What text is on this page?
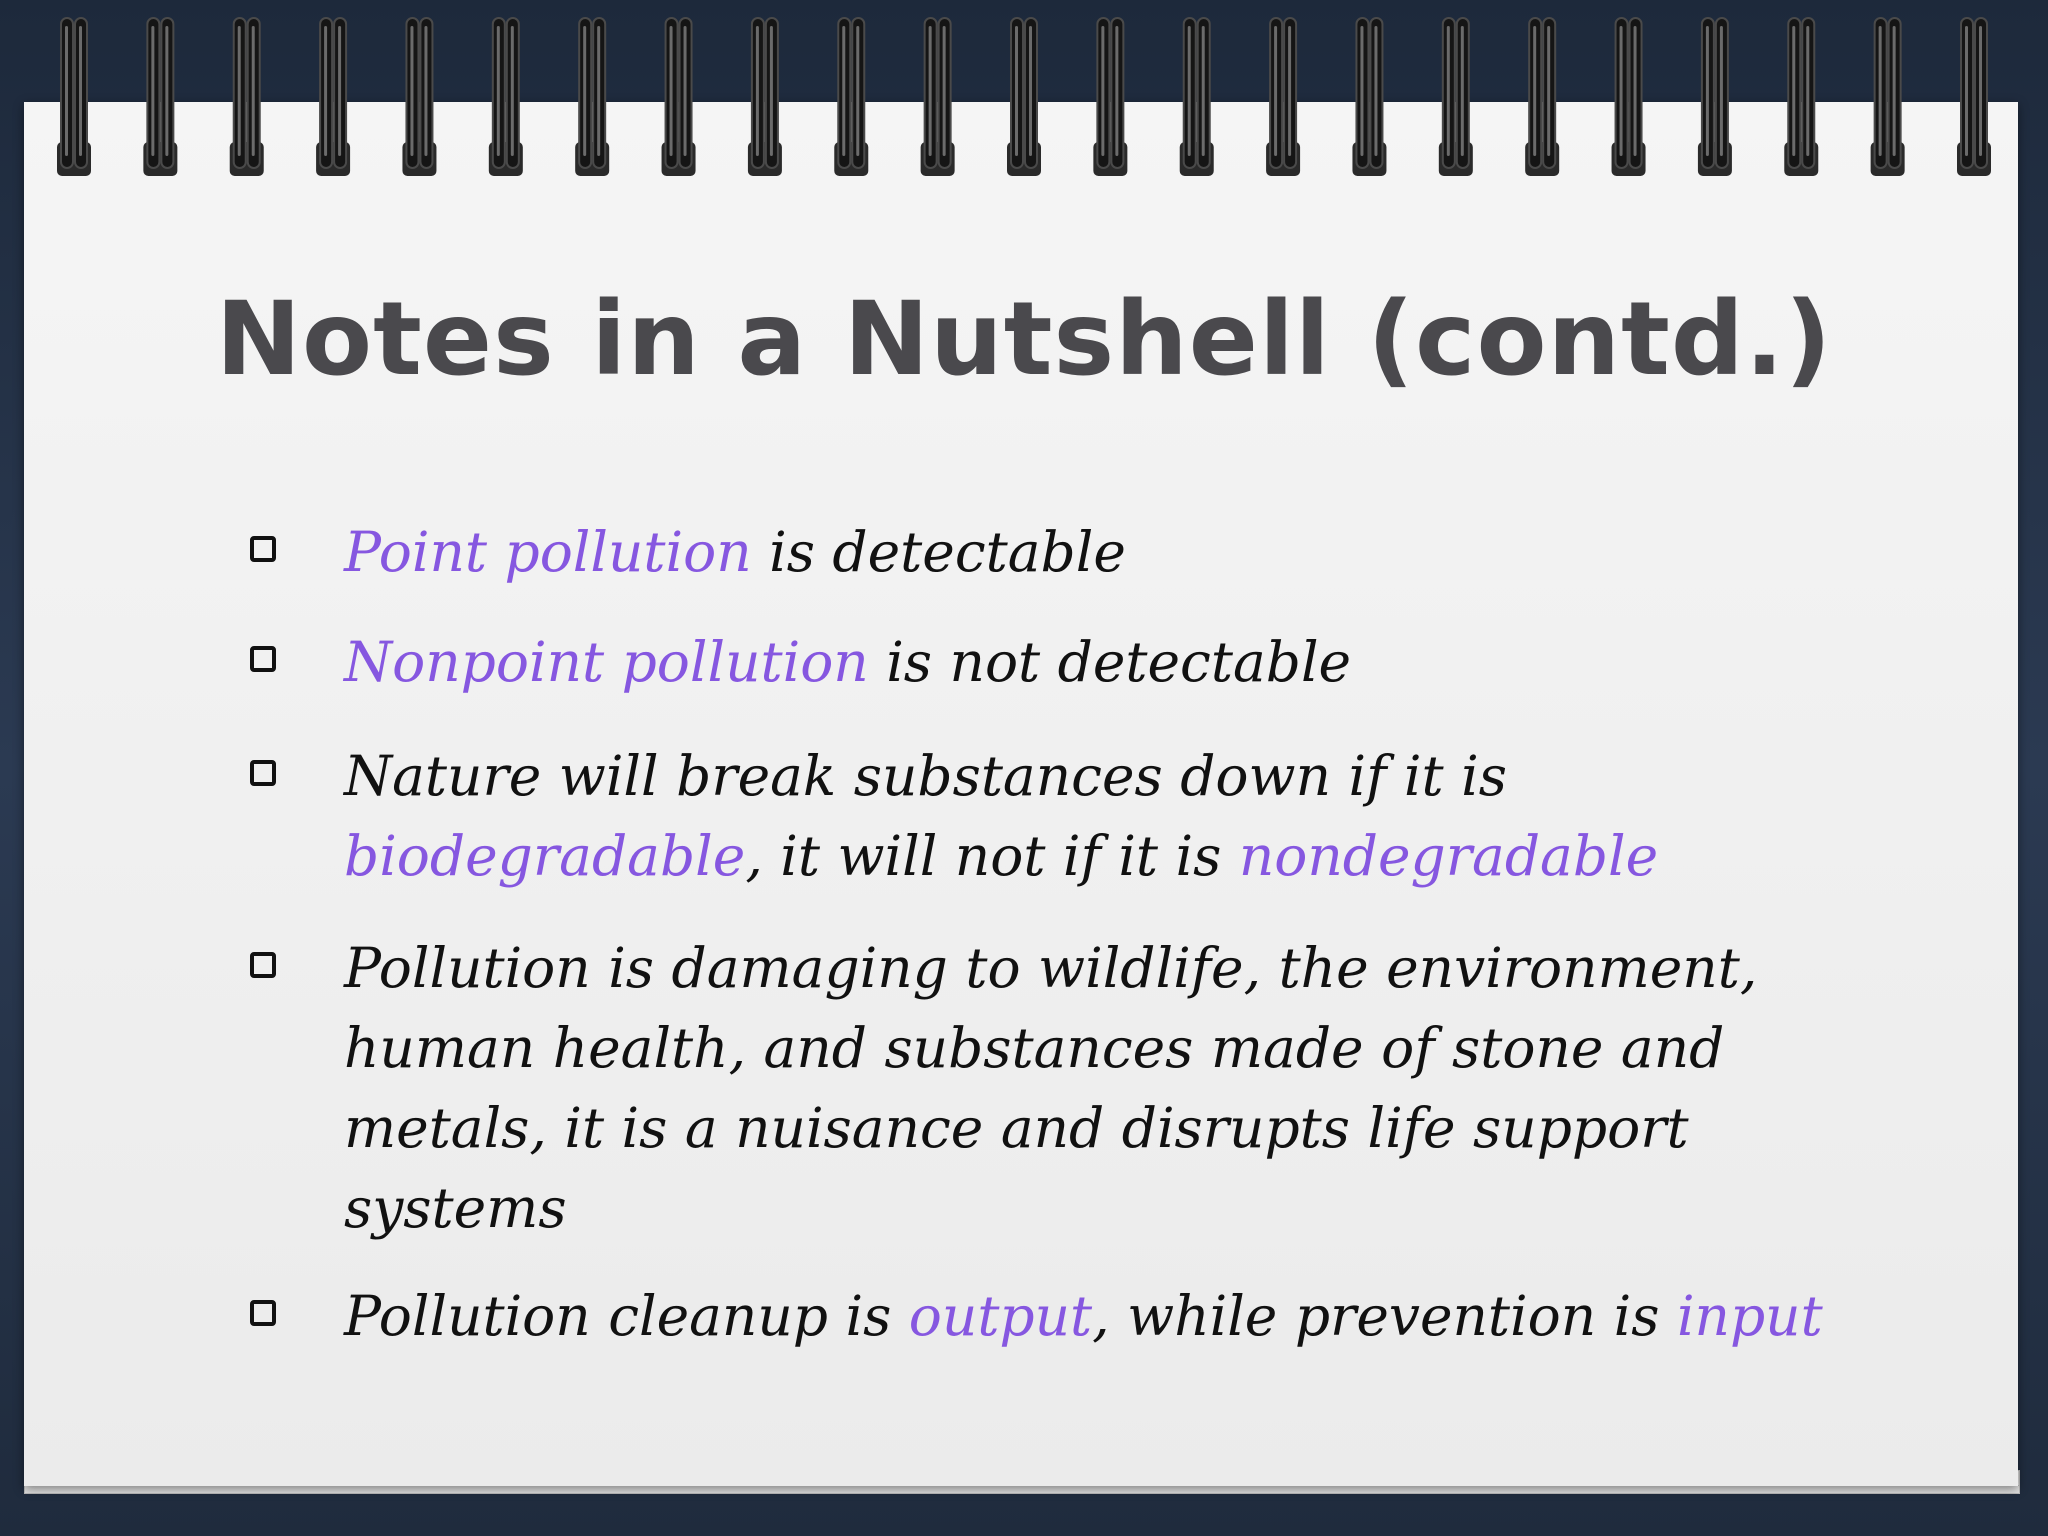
Notes in a Nutshell (contd.)
Point pollution is detectable
Nonpoint pollution is not detectable
Nature will break substances down if it is biodegradable, it will not if it is nondegradable
Pollution is damaging to wildlife, the environment, human health, and substances made of stone and metals, it is a nuisance and disrupts life support systems
Pollution cleanup is output, while prevention is input
